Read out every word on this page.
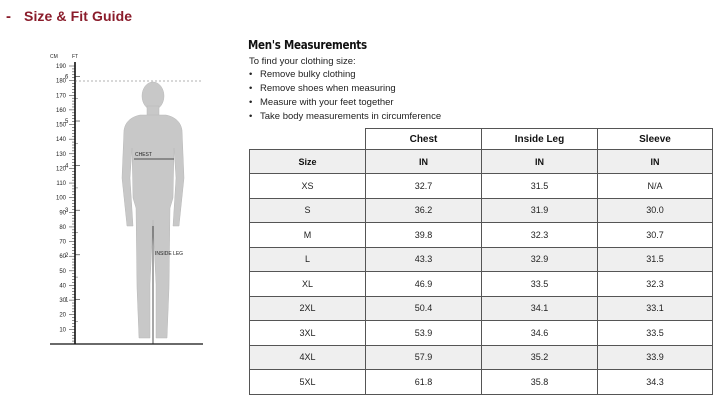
- Size & Fit Guide
CM	FT
190
180
170
160
150
140
130
120
110
100
90
80
70
60
50
40
30
20
10
6
5
4
3
2
1
CHEST
INSIDE LEG
Men's Measurements
To find your clothing size:
• Remove bulky clothing
• Remove shoes when measuring
• Measure with your feet together
• Take body measurements in circumference
	Chest	Inside Leg	Sleeve
Size	IN	IN	IN
XS	32.7	31.5	N/A
S	36.2	31.9	30.0
M	39.8	32.3	30.7
L	43.3	32.9	31.5
XL	46.9	33.5	32.3
2XL	50.4	34.1	33.1
3XL	53.9	34.6	33.5
4XL	57.9	35.2	33.9
5XL	61.8	35.8	34.3
